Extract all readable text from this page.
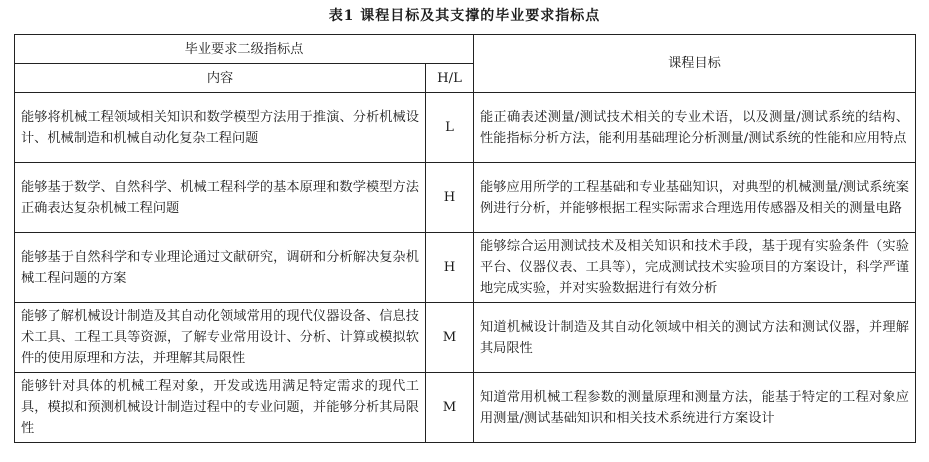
表1 课程目标及其支撑的毕业要求指标点
毕业要求二级指标点		课程目标
内容	H/L	
能够将机械工程领域相关知识和数学模型方法用于推演、分析机械设计、机械制造和机械自动化复杂工程问题	L	能正确表述测量/测试技术相关的专业术语，以及测量/测试系统的结构、性能指标分析方法，能利用基础理论分析测量/测试系统的性能和应用特点
能够基于数学、自然科学、机械工程科学的基本原理和数学模型方法正确表达复杂机械工程问题	H	能够应用所学的工程基础和专业基础知识，对典型的机械测量/测试系统案例进行分析，并能够根据工程实际需求合理选用传感器及相关的测量电路
能够基于自然科学和专业理论通过文献研究，调研和分析解决复杂机械工程问题的方案	H	能够综合运用测试技术及相关知识和技术手段，基于现有实验条件（实验平台、仪器仪表、工具等），完成测试技术实验项目的方案设计，科学严谨地完成实验，并对实验数据进行有效分析
能够了解机械设计制造及其自动化领域常用的现代仪器设备、信息技术工具、工程工具等资源，了解专业常用设计、分析、计算或模拟软件的使用原理和方法，并理解其局限性	M	知道机械设计制造及其自动化领域中相关的测试方法和测试仪器，并理解其局限性
能够针对具体的机械工程对象，开发或选用满足特定需求的现代工具，模拟和预测机械设计制造过程中的专业问题，并能够分析其局限性	M	知道常用机械工程参数的测量原理和测量方法，能基于特定的工程对象应用测量/测试基础知识和相关技术系统进行方案设计
